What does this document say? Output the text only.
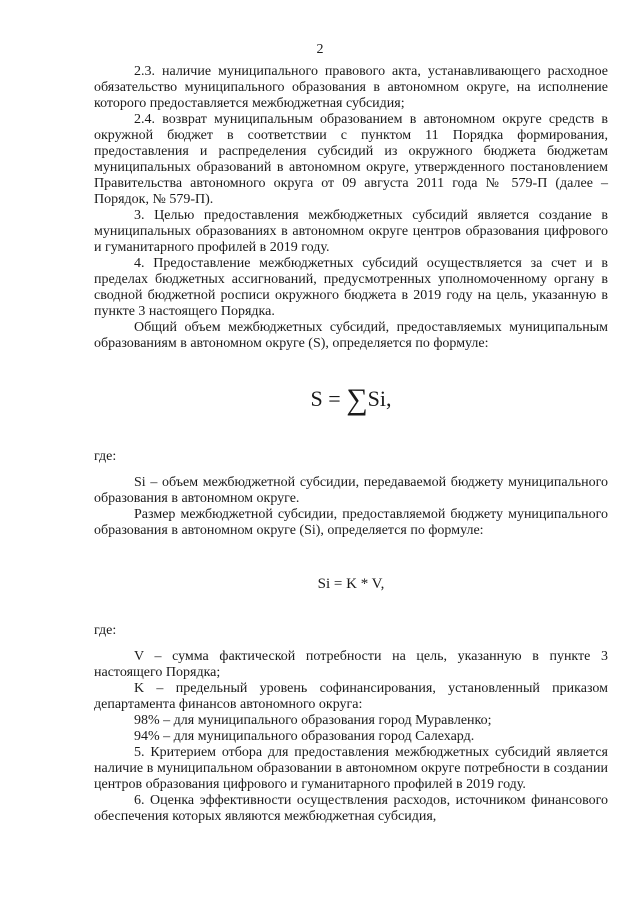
2

2.3. наличие муниципального правового акта, устанавливающего расходное обязательство муниципального образования в автономном округе, на исполнение которого предоставляется межбюджетная субсидия;

2.4. возврат муниципальным образованием в автономном округе средств в окружной бюджет в соответствии с пунктом 11 Порядка формирования, предоставления и распределения субсидий из окружного бюджета бюджетам муниципальных образований в автономном округе, утвержденного постановлением Правительства автономного округа от 09 августа 2011 года № 579-П (далее – Порядок, № 579-П).

3. Целью предоставления межбюджетных субсидий является создание в муниципальных образованиях в автономном округе центров образования цифрового и гуманитарного профилей в 2019 году.

4. Предоставление межбюджетных субсидий осуществляется за счет и в пределах бюджетных ассигнований, предусмотренных уполномоченному органу в сводной бюджетной росписи окружного бюджета в 2019 году на цель, указанную в пункте 3 настоящего Порядка.

Общий объем межбюджетных субсидий, предоставляемых муниципальным образованиям в автономном округе (S), определяется по формуле:

S = ∑Si,

где:

Si – объем межбюджетной субсидии, передаваемой бюджету муниципального образования в автономном округе.

Размер межбюджетной субсидии, предоставляемой бюджету муниципального образования в автономном округе (Si), определяется по формуле:

Si = K * V,

где:

V – сумма фактической потребности на цель, указанную в пункте 3 настоящего Порядка;

K – предельный уровень софинансирования, установленный приказом департамента финансов автономного округа:

98% – для муниципального образования город Муравленко;

94% – для муниципального образования город Салехард.

5. Критерием отбора для предоставления межбюджетных субсидий является наличие в муниципальном образовании в автономном округе потребности в создании центров образования цифрового и гуманитарного профилей в 2019 году.

6. Оценка эффективности осуществления расходов, источником финансового обеспечения которых являются межбюджетная субсидия,
